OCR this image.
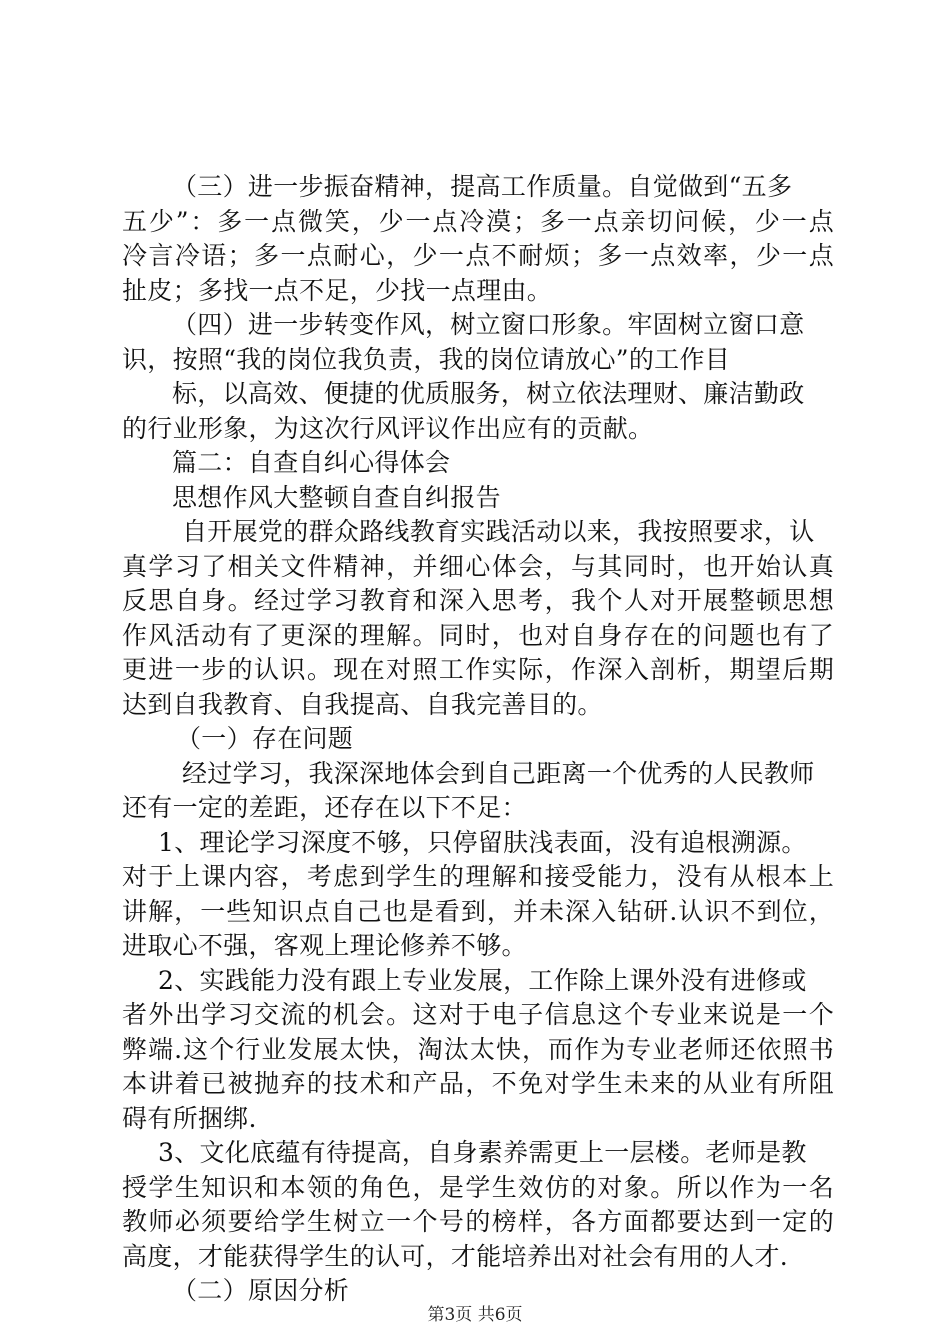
（三）进一步振奋精神，提高工作质量。自觉做到“五多
五少”：多一点微笑，少一点冷漠；多一点亲切问候，少一点
冷言冷语；多一点耐心，少一点不耐烦；多一点效率，少一点
扯皮；多找一点不足，少找一点理由。
（四）进一步转变作风，树立窗口形象。牢固树立窗口意
识，按照“我的岗位我负责，我的岗位请放心”的工作目
标，以高效、便捷的优质服务，树立依法理财、廉洁勤政
的行业形象，为这次行风评议作出应有的贡献。
篇二：自查自纠心得体会
思想作风大整顿自查自纠报告
自开展党的群众路线教育实践活动以来，我按照要求，认
真学习了相关文件精神，并细心体会，与其同时，也开始认真
反思自身。经过学习教育和深入思考，我个人对开展整顿思想
作风活动有了更深的理解。同时，也对自身存在的问题也有了
更进一步的认识。现在对照工作实际，作深入剖析，期望后期
达到自我教育、自我提高、自我完善目的。
（一）存在问题
经过学习，我深深地体会到自己距离一个优秀的人民教师
还有一定的差距，还存在以下不足：
1、理论学习深度不够，只停留肤浅表面，没有追根溯源。
对于上课内容，考虑到学生的理解和接受能力，没有从根本上
讲解，一些知识点自己也是看到，并未深入钻研.认识不到位，
进取心不强，客观上理论修养不够。
2、实践能力没有跟上专业发展，工作除上课外没有进修或
者外出学习交流的机会。这对于电子信息这个专业来说是一个
弊端.这个行业发展太快，淘汰太快，而作为专业老师还依照书
本讲着已被抛弃的技术和产品，不免对学生未来的从业有所阻
碍有所捆绑.
3、文化底蕴有待提高，自身素养需更上一层楼。老师是教
授学生知识和本领的角色，是学生效仿的对象。所以作为一名
教师必须要给学生树立一个号的榜样，各方面都要达到一定的
高度，才能获得学生的认可，才能培养出对社会有用的人才.
（二）原因分析
第3页 共6页
